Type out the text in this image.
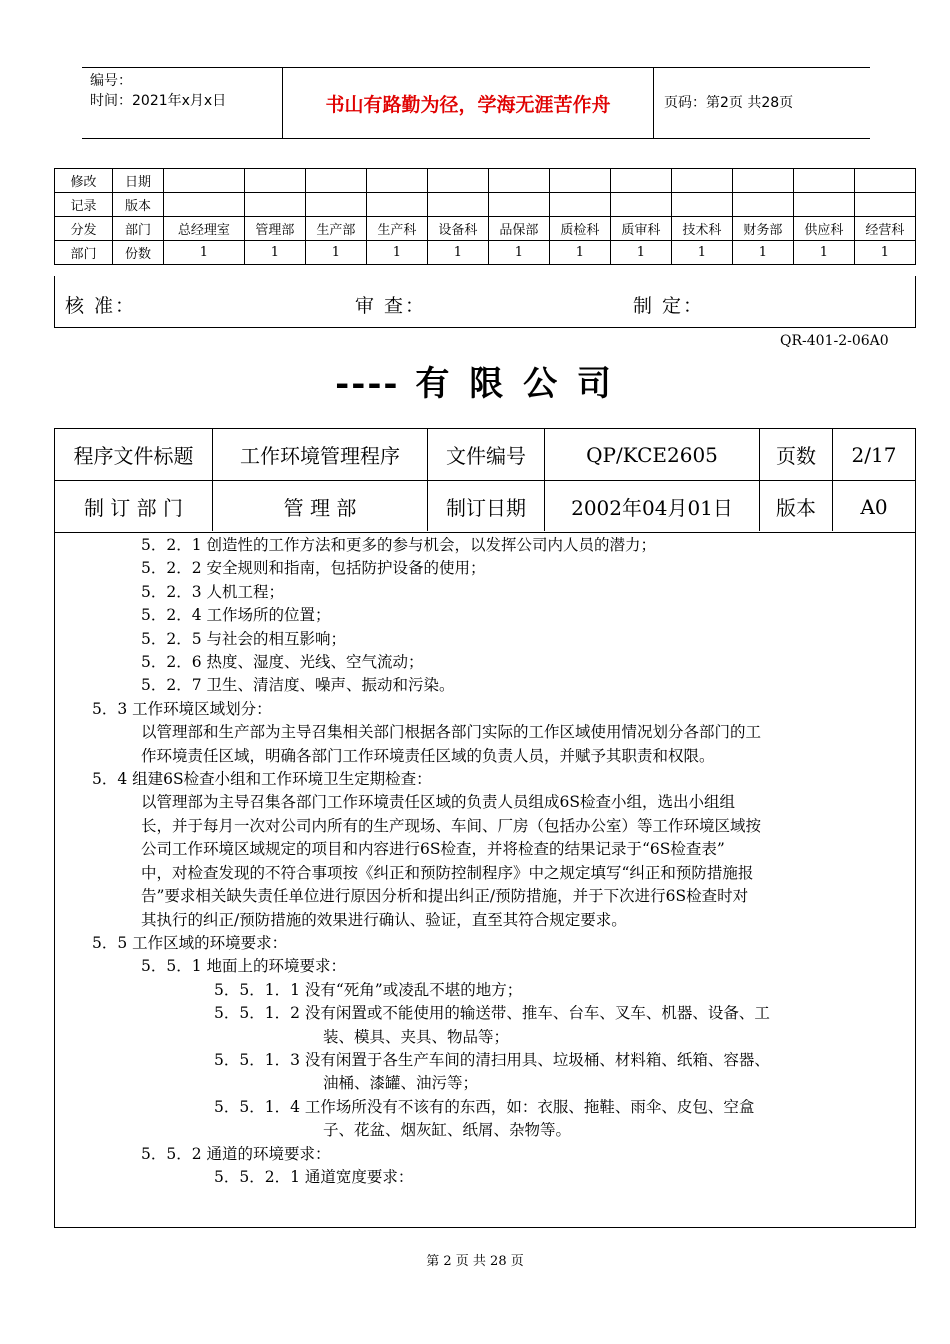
编号：
时间：2021年x月x日	书山有路勤为径，学海无涯苦作舟	页码：第2页 共28页
修改	日期												
记录	版本												
分发	部门	总经理室	管理部	生产部	生产科	设备科	品保部	质检科	质审科	技术科	财务部	供应科	经营科
部门	份数	1	1	1	1	1	1	1	1	1	1	1	1
核 准：	审 查：	制 定：
QR-401-2-06A0
---- 有 限 公 司
程序文件标题	工作环境管理程序	文件编号	QP/KCE2605	页数	2/17
制 订 部 门	管 理 部	制订日期	2002年04月01日	版本	A0

5．2．1 创造性的工作方法和更多的参与机会，以发挥公司内人员的潜力；

5．2．2 安全规则和指南，包括防护设备的使用；

5．2．3 人机工程；

5．2．4 工作场所的位置；

5．2．5 与社会的相互影响；

5．2．6 热度、湿度、光线、空气流动；

5．2．7 卫生、清洁度、噪声、振动和污染。

5．3 工作环境区域划分：

以管理部和生产部为主导召集相关部门根据各部门实际的工作区域使用情况划分各部门的工

作环境责任区域，明确各部门工作环境责任区域的负责人员，并赋予其职责和权限。

5．4 组建6S检查小组和工作环境卫生定期检查：

以管理部为主导召集各部门工作环境责任区域的负责人员组成6S检查小组，选出小组组

长，并于每月一次对公司内所有的生产现场、车间、厂房（包括办公室）等工作环境区域按

公司工作环境区域规定的项目和内容进行6S检查，并将检查的结果记录于“6S检查表”

中，对检查发现的不符合事项按《纠正和预防控制程序》中之规定填写“纠正和预防措施报

告”要求相关缺失责任单位进行原因分析和提出纠正/预防措施，并于下次进行6S检查时对

其执行的纠正/预防措施的效果进行确认、验证，直至其符合规定要求。

5．5 工作区域的环境要求：

5．5．1 地面上的环境要求：

5．5．1．1 没有“死角”或凌乱不堪的地方；

5．5．1．2 没有闲置或不能使用的输送带、推车、台车、叉车、机器、设备、工

装、模具、夹具、物品等；

5．5．1．3 没有闲置于各生产车间的清扫用具、垃圾桶、材料箱、纸箱、容器、

油桶、漆罐、油污等；

5．5．1．4 工作场所没有不该有的东西，如：衣服、拖鞋、雨伞、皮包、空盒

子、花盆、烟灰缸、纸屑、杂物等。

5．5．2 通道的环境要求：

5．5．2．1 通道宽度要求：

第 2 页 共 28 页
